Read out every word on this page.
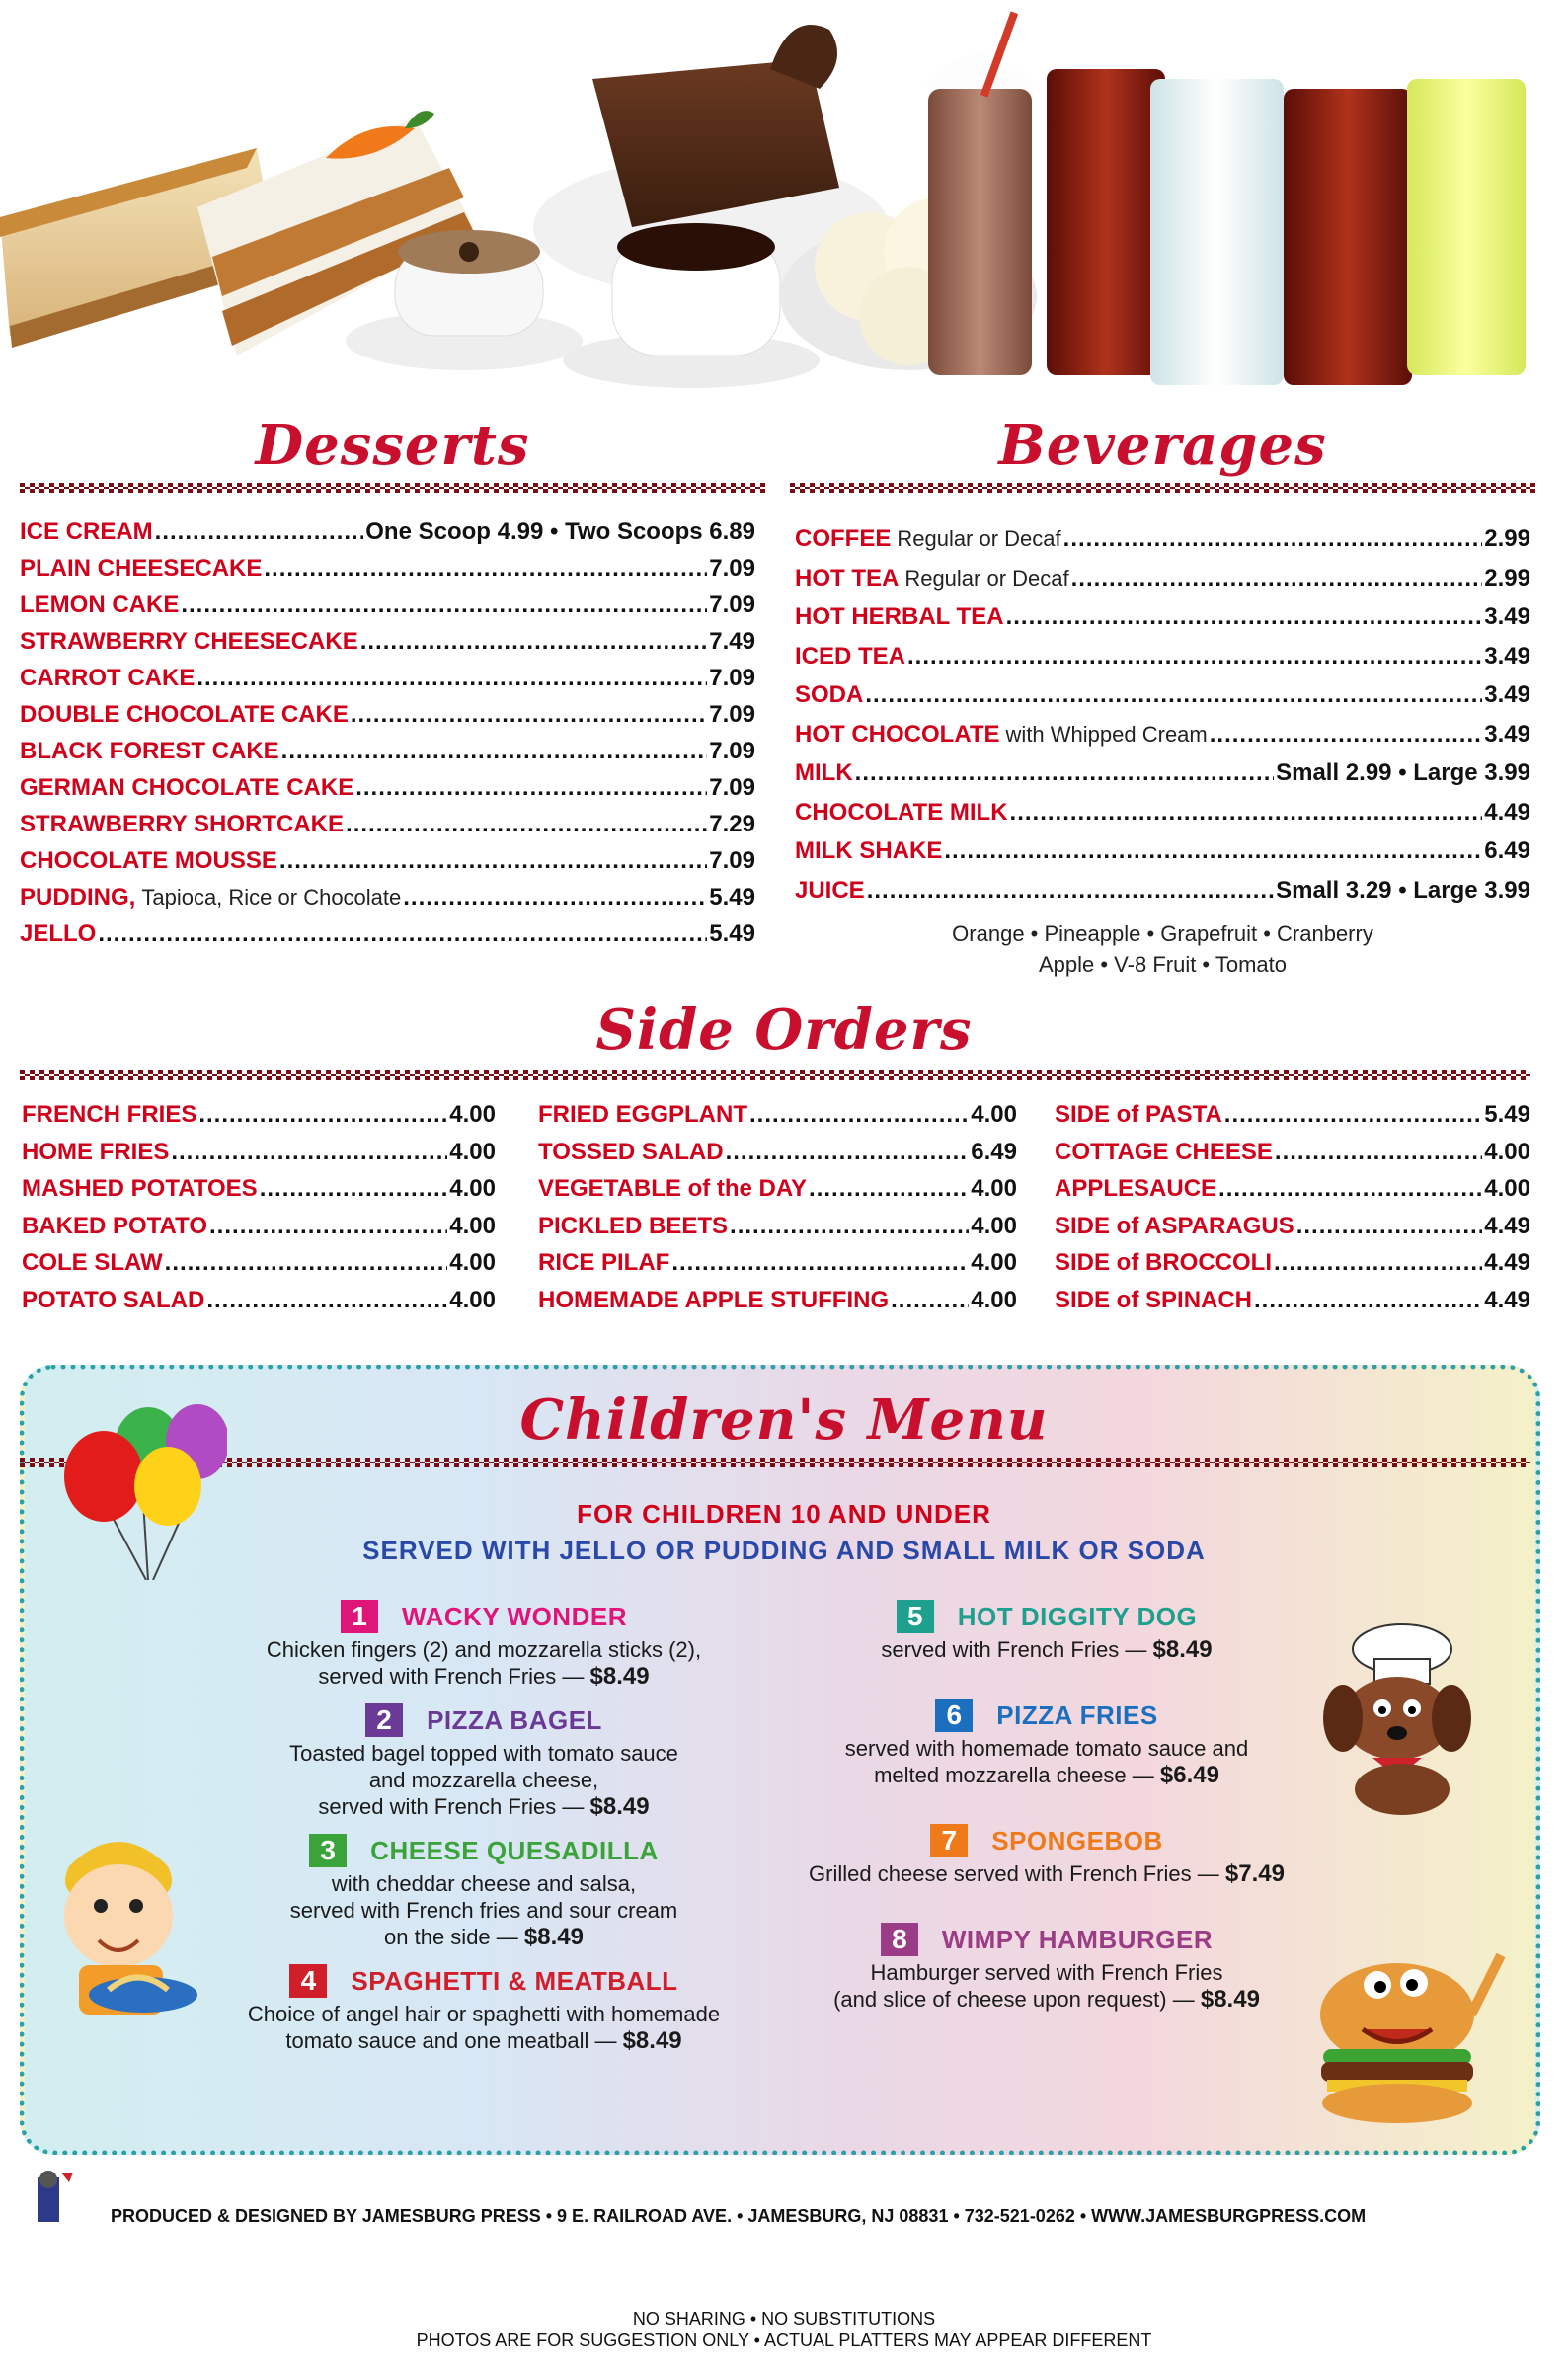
Desserts
ICE CREAM .....	One Scoop 4.99 • Two Scoops 6.89
PLAIN CHEESECAKE .....	7.09
LEMON CAKE .....	7.09
STRAWBERRY CHEESECAKE .....	7.49
CARROT CAKE .....	7.09
DOUBLE CHOCOLATE CAKE .....	7.09
BLACK FOREST CAKE .....	7.09
GERMAN CHOCOLATE CAKE .....	7.09
STRAWBERRY SHORTCAKE .....	7.29
CHOCOLATE MOUSSE .....	7.09
PUDDING, Tapioca, Rice or Chocolate .....	5.49
JELLO .....	5.49
Beverages
COFFEE Regular or Decaf .....	2.99
HOT TEA Regular or Decaf .....	2.99
HOT HERBAL TEA .....	3.49
ICED TEA .....	3.49
SODA .....	3.49
HOT CHOCOLATE with Whipped Cream .....	3.49
MILK .....	Small 2.99 • Large 3.99
CHOCOLATE MILK .....	4.49
MILK SHAKE .....	6.49
JUICE .....	Small 3.29 • Large 3.99
Orange • Pineapple • Grapefruit • Cranberry
Apple • V-8 Fruit • Tomato
Side Orders
FRENCH FRIES .....	4.00
HOME FRIES .....	4.00
MASHED POTATOES .....	4.00
BAKED POTATO .....	4.00
COLE SLAW .....	4.00
POTATO SALAD .....	4.00
FRIED EGGPLANT .....	4.00
TOSSED SALAD .....	6.49
VEGETABLE of the DAY .....	4.00
PICKLED BEETS .....	4.00
RICE PILAF .....	4.00
HOMEMADE APPLE STUFFING .....	4.00
SIDE of PASTA .....	5.49
COTTAGE CHEESE .....	4.00
APPLESAUCE .....	4.00
SIDE of ASPARAGUS .....	4.49
SIDE of BROCCOLI .....	4.49
SIDE of SPINACH .....	4.49
Children's Menu
FOR CHILDREN 10 AND UNDER
SERVED WITH JELLO OR PUDDING AND SMALL MILK OR SODA
1	WACKY WONDER
Chicken fingers (2) and mozzarella sticks (2),
served with French Fries — $8.49
2	PIZZA BAGEL
Toasted bagel topped with tomato sauce
and mozzarella cheese,
served with French Fries — $8.49
3	CHEESE QUESADILLA
with cheddar cheese and salsa,
served with French fries and sour cream
on the side — $8.49
4	SPAGHETTI & MEATBALL
Choice of angel hair or spaghetti with homemade
tomato sauce and one meatball — $8.49
5	HOT DIGGITY DOG
served with French Fries — $8.49
6	PIZZA FRIES
served with homemade tomato sauce and
melted mozzarella cheese — $6.49
7	SPONGEBOB
Grilled cheese served with French Fries — $7.49
8	WIMPY HAMBURGER
Hamburger served with French Fries
(and slice of cheese upon request) — $8.49
PRODUCED & DESIGNED BY JAMESBURG PRESS • 9 E. RAILROAD AVE. • JAMESBURG, NJ 08831 • 732-521-0262 • WWW.JAMESBURGPRESS.COM
NO SHARING • NO SUBSTITUTIONS
PHOTOS ARE FOR SUGGESTION ONLY • ACTUAL PLATTERS MAY APPEAR DIFFERENT
